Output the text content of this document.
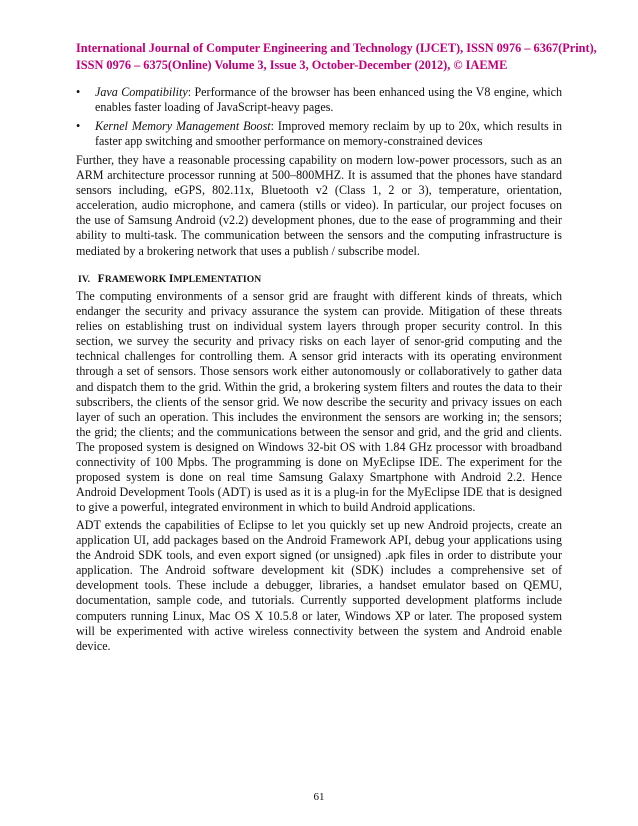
International Journal of Computer Engineering and Technology (IJCET), ISSN 0976 – 6367(Print),
ISSN 0976 – 6375(Online) Volume 3, Issue 3, October-December (2012), © IAEME
• Java Compatibility: Performance of the browser has been enhanced using the V8 engine, which enables faster loading of JavaScript-heavy pages.
• Kernel Memory Management Boost: Improved memory reclaim by up to 20x, which results in faster app switching and smoother performance on memory-constrained devices
Further, they have a reasonable processing capability on modern low-power processors, such as an ARM architecture processor running at 500–800MHZ. It is assumed that the phones have standard sensors including, eGPS, 802.11x, Bluetooth v2 (Class 1, 2 or 3), temperature, orientation, acceleration, audio microphone, and camera (stills or video). In particular, our project focuses on the use of Samsung Android (v2.2) development phones, due to the ease of programming and their ability to multi-task. The communication between the sensors and the computing infrastructure is mediated by a brokering network that uses a publish / subscribe model.
IV. FRAMEWORK IMPLEMENTATION
The computing environments of a sensor grid are fraught with different kinds of threats, which endanger the security and privacy assurance the system can provide. Mitigation of these threats relies on establishing trust on individual system layers through proper security control. In this section, we survey the security and privacy risks on each layer of senor-grid computing and the technical challenges for controlling them. A sensor grid interacts with its operating environment through a set of sensors. Those sensors work either autonomously or collaboratively to gather data and dispatch them to the grid. Within the grid, a brokering system filters and routes the data to their subscribers, the clients of the sensor grid. We now describe the security and privacy issues on each layer of such an operation. This includes the environment the sensors are working in; the sensors; the grid; the clients; and the communications between the sensor and grid, and the grid and clients. The proposed system is designed on Windows 32-bit OS with 1.84 GHz processor with broadband connectivity of 100 Mpbs. The programming is done on MyEclipse IDE. The experiment for the proposed system is done on real time Samsung Galaxy Smartphone with Android 2.2. Hence Android Development Tools (ADT) is used as it is a plug-in for the MyEclipse IDE that is designed to give a powerful, integrated environment in which to build Android applications.
ADT extends the capabilities of Eclipse to let you quickly set up new Android projects, create an application UI, add packages based on the Android Framework API, debug your applications using the Android SDK tools, and even export signed (or unsigned) .apk files in order to distribute your application. The Android software development kit (SDK) includes a comprehensive set of development tools. These include a debugger, libraries, a handset emulator based on QEMU, documentation, sample code, and tutorials. Currently supported development platforms include computers running Linux, Mac OS X 10.5.8 or later, Windows XP or later. The proposed system will be experimented with active wireless connectivity between the system and Android enable device.
61
